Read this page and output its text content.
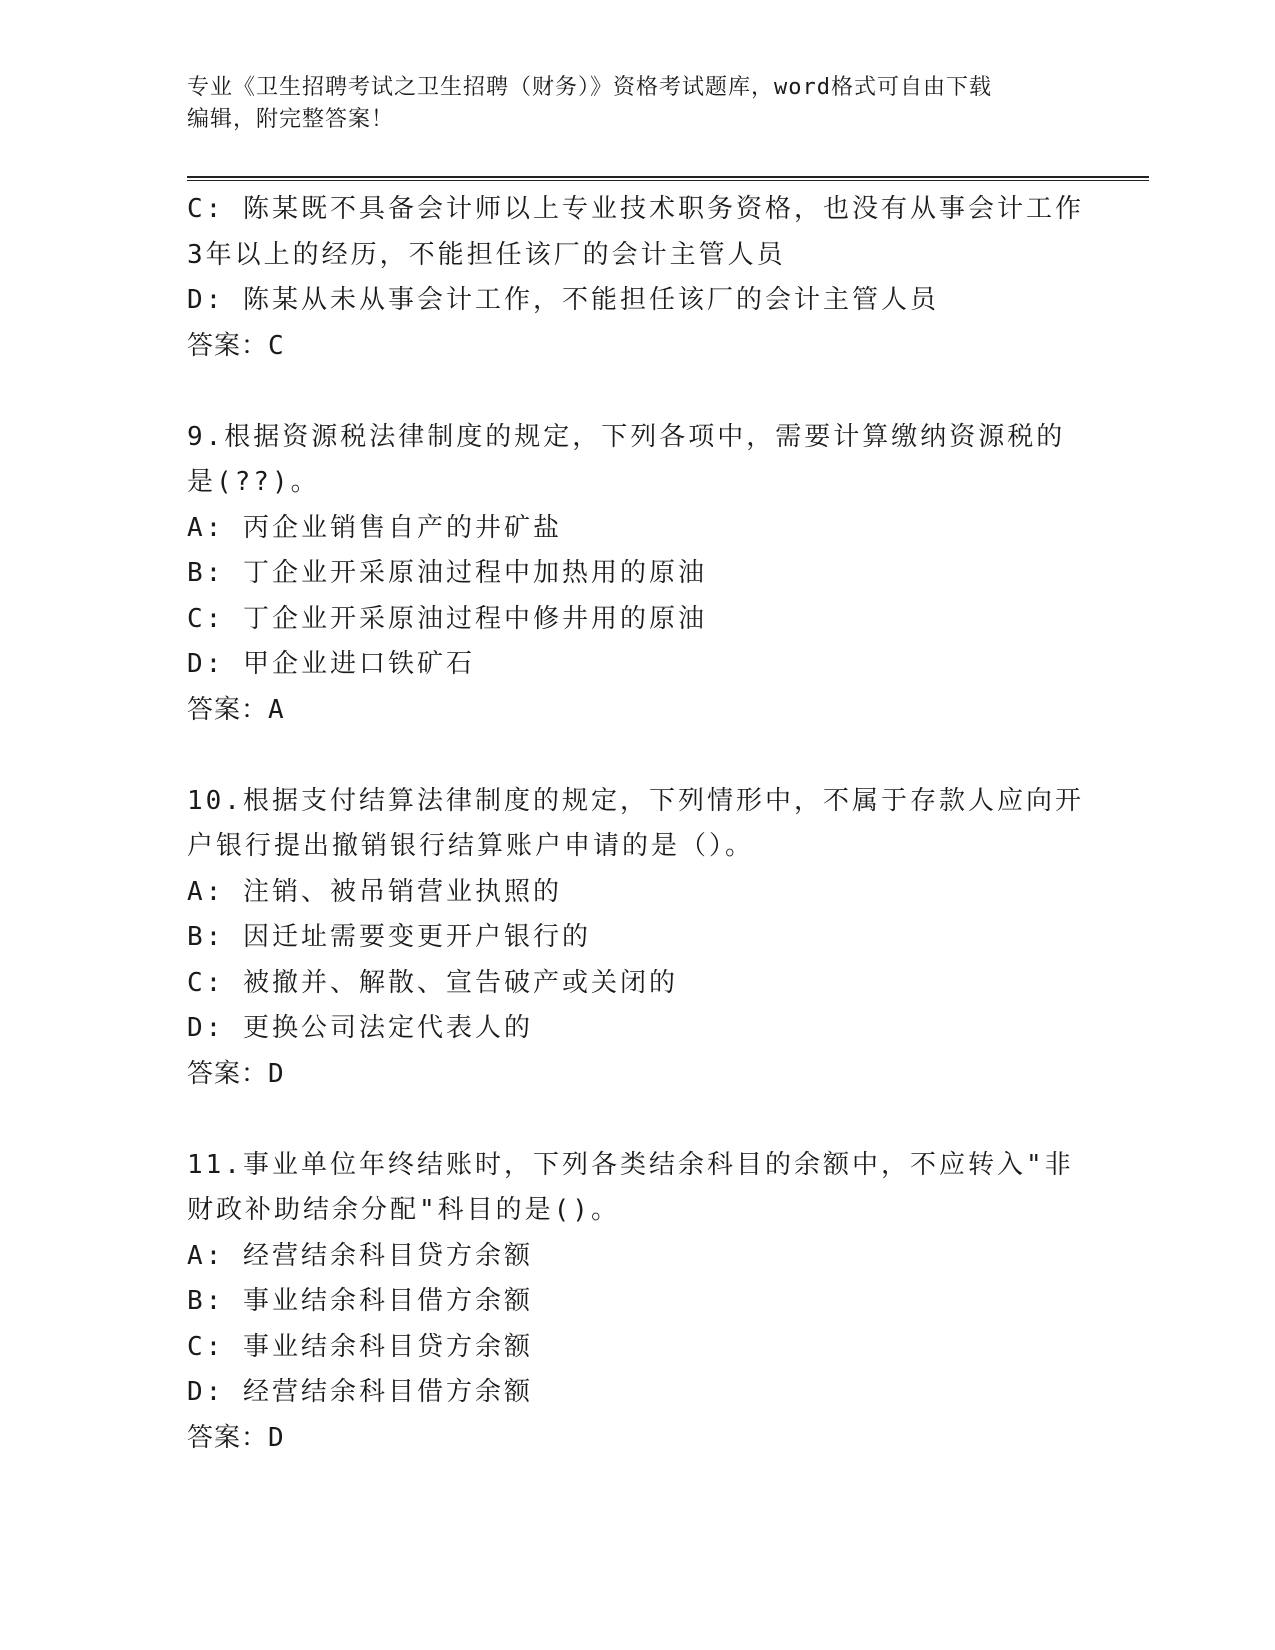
专业《卫生招聘考试之卫生招聘（财务）》资格考试题库，word格式可自由下载
编辑，附完整答案！
C: 陈某既不具备会计师以上专业技术职务资格，也没有从事会计工作
3年以上的经历，不能担任该厂的会计主管人员
D: 陈某从未从事会计工作，不能担任该厂的会计主管人员
答案：C
9.根据资源税法律制度的规定，下列各项中，需要计算缴纳资源税的
是(??)。
A: 丙企业销售自产的井矿盐
B: 丁企业开采原油过程中加热用的原油
C: 丁企业开采原油过程中修井用的原油
D: 甲企业进口铁矿石
答案：A
10.根据支付结算法律制度的规定，下列情形中，不属于存款人应向开
户银行提出撤销银行结算账户申请的是（）。
A: 注销、被吊销营业执照的
B: 因迁址需要变更开户银行的
C: 被撤并、解散、宣告破产或关闭的
D: 更换公司法定代表人的
答案：D
11.事业单位年终结账时，下列各类结余科目的余额中，不应转入"非
财政补助结余分配"科目的是()。
A: 经营结余科目贷方余额
B: 事业结余科目借方余额
C: 事业结余科目贷方余额
D: 经营结余科目借方余额
答案：D
